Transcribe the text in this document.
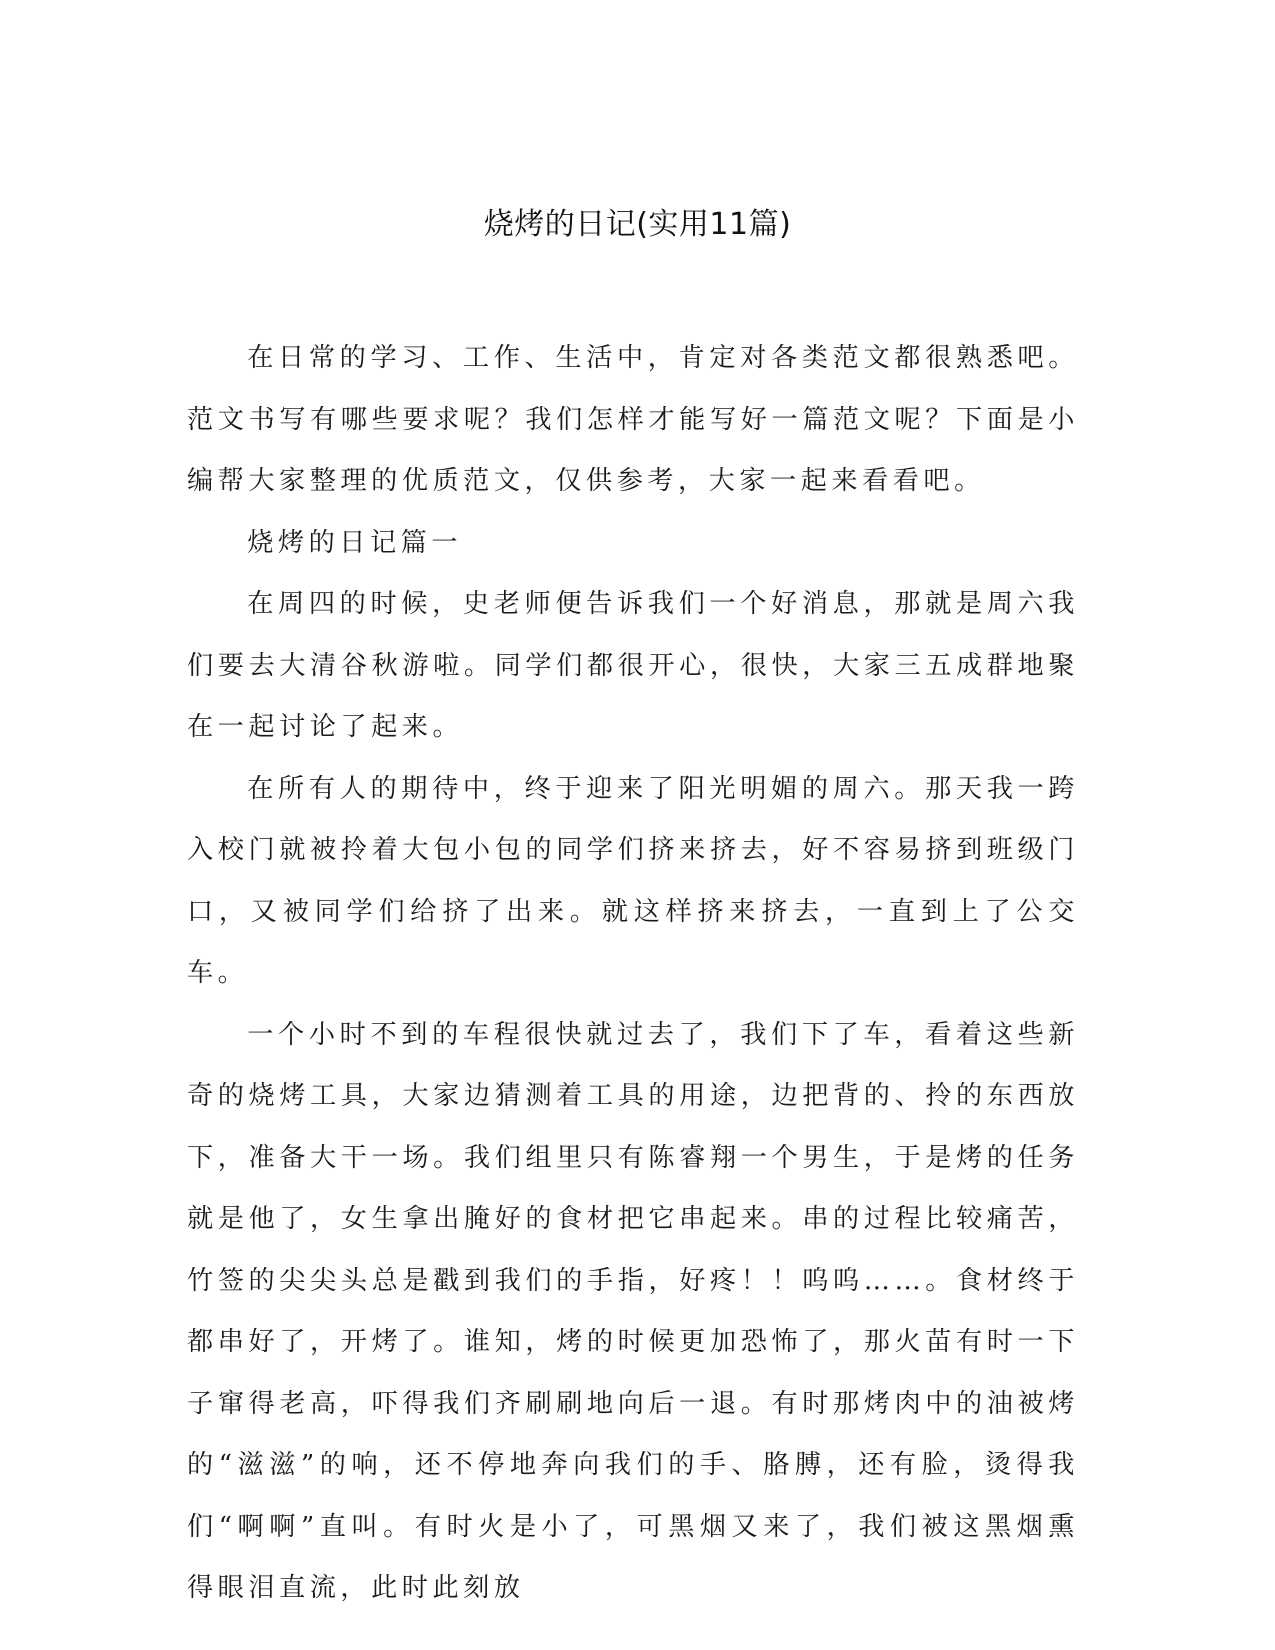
烧烤的日记(实用11篇)

在日常的学习、工作、生活中，肯定对各类范文都很熟悉吧。范文书写有哪些要求呢？我们怎样才能写好一篇范文呢？下面是小编帮大家整理的优质范文，仅供参考，大家一起来看看吧。

烧烤的日记篇一

在周四的时候，史老师便告诉我们一个好消息，那就是周六我们要去大清谷秋游啦。同学们都很开心，很快，大家三五成群地聚在一起讨论了起来。

在所有人的期待中，终于迎来了阳光明媚的周六。那天我一跨入校门就被拎着大包小包的同学们挤来挤去，好不容易挤到班级门口，又被同学们给挤了出来。就这样挤来挤去，一直到上了公交车。

一个小时不到的车程很快就过去了，我们下了车，看着这些新奇的烧烤工具，大家边猜测着工具的用途，边把背的、拎的东西放下，准备大干一场。我们组里只有陈睿翔一个男生，于是烤的任务就是他了，女生拿出腌好的食材把它串起来。串的过程比较痛苦，竹签的尖尖头总是戳到我们的手指，好疼！！呜呜……。食材终于都串好了，开烤了。谁知，烤的时候更加恐怖了，那火苗有时一下子窜得老高，吓得我们齐刷刷地向后一退。有时那烤肉中的油被烤的“滋滋”的响，还不停地奔向我们的手、胳膊，还有脸，烫得我们“啊啊”直叫。有时火是小了，可黑烟又来了，我们被这黑烟熏得眼泪直流，此时此刻放
